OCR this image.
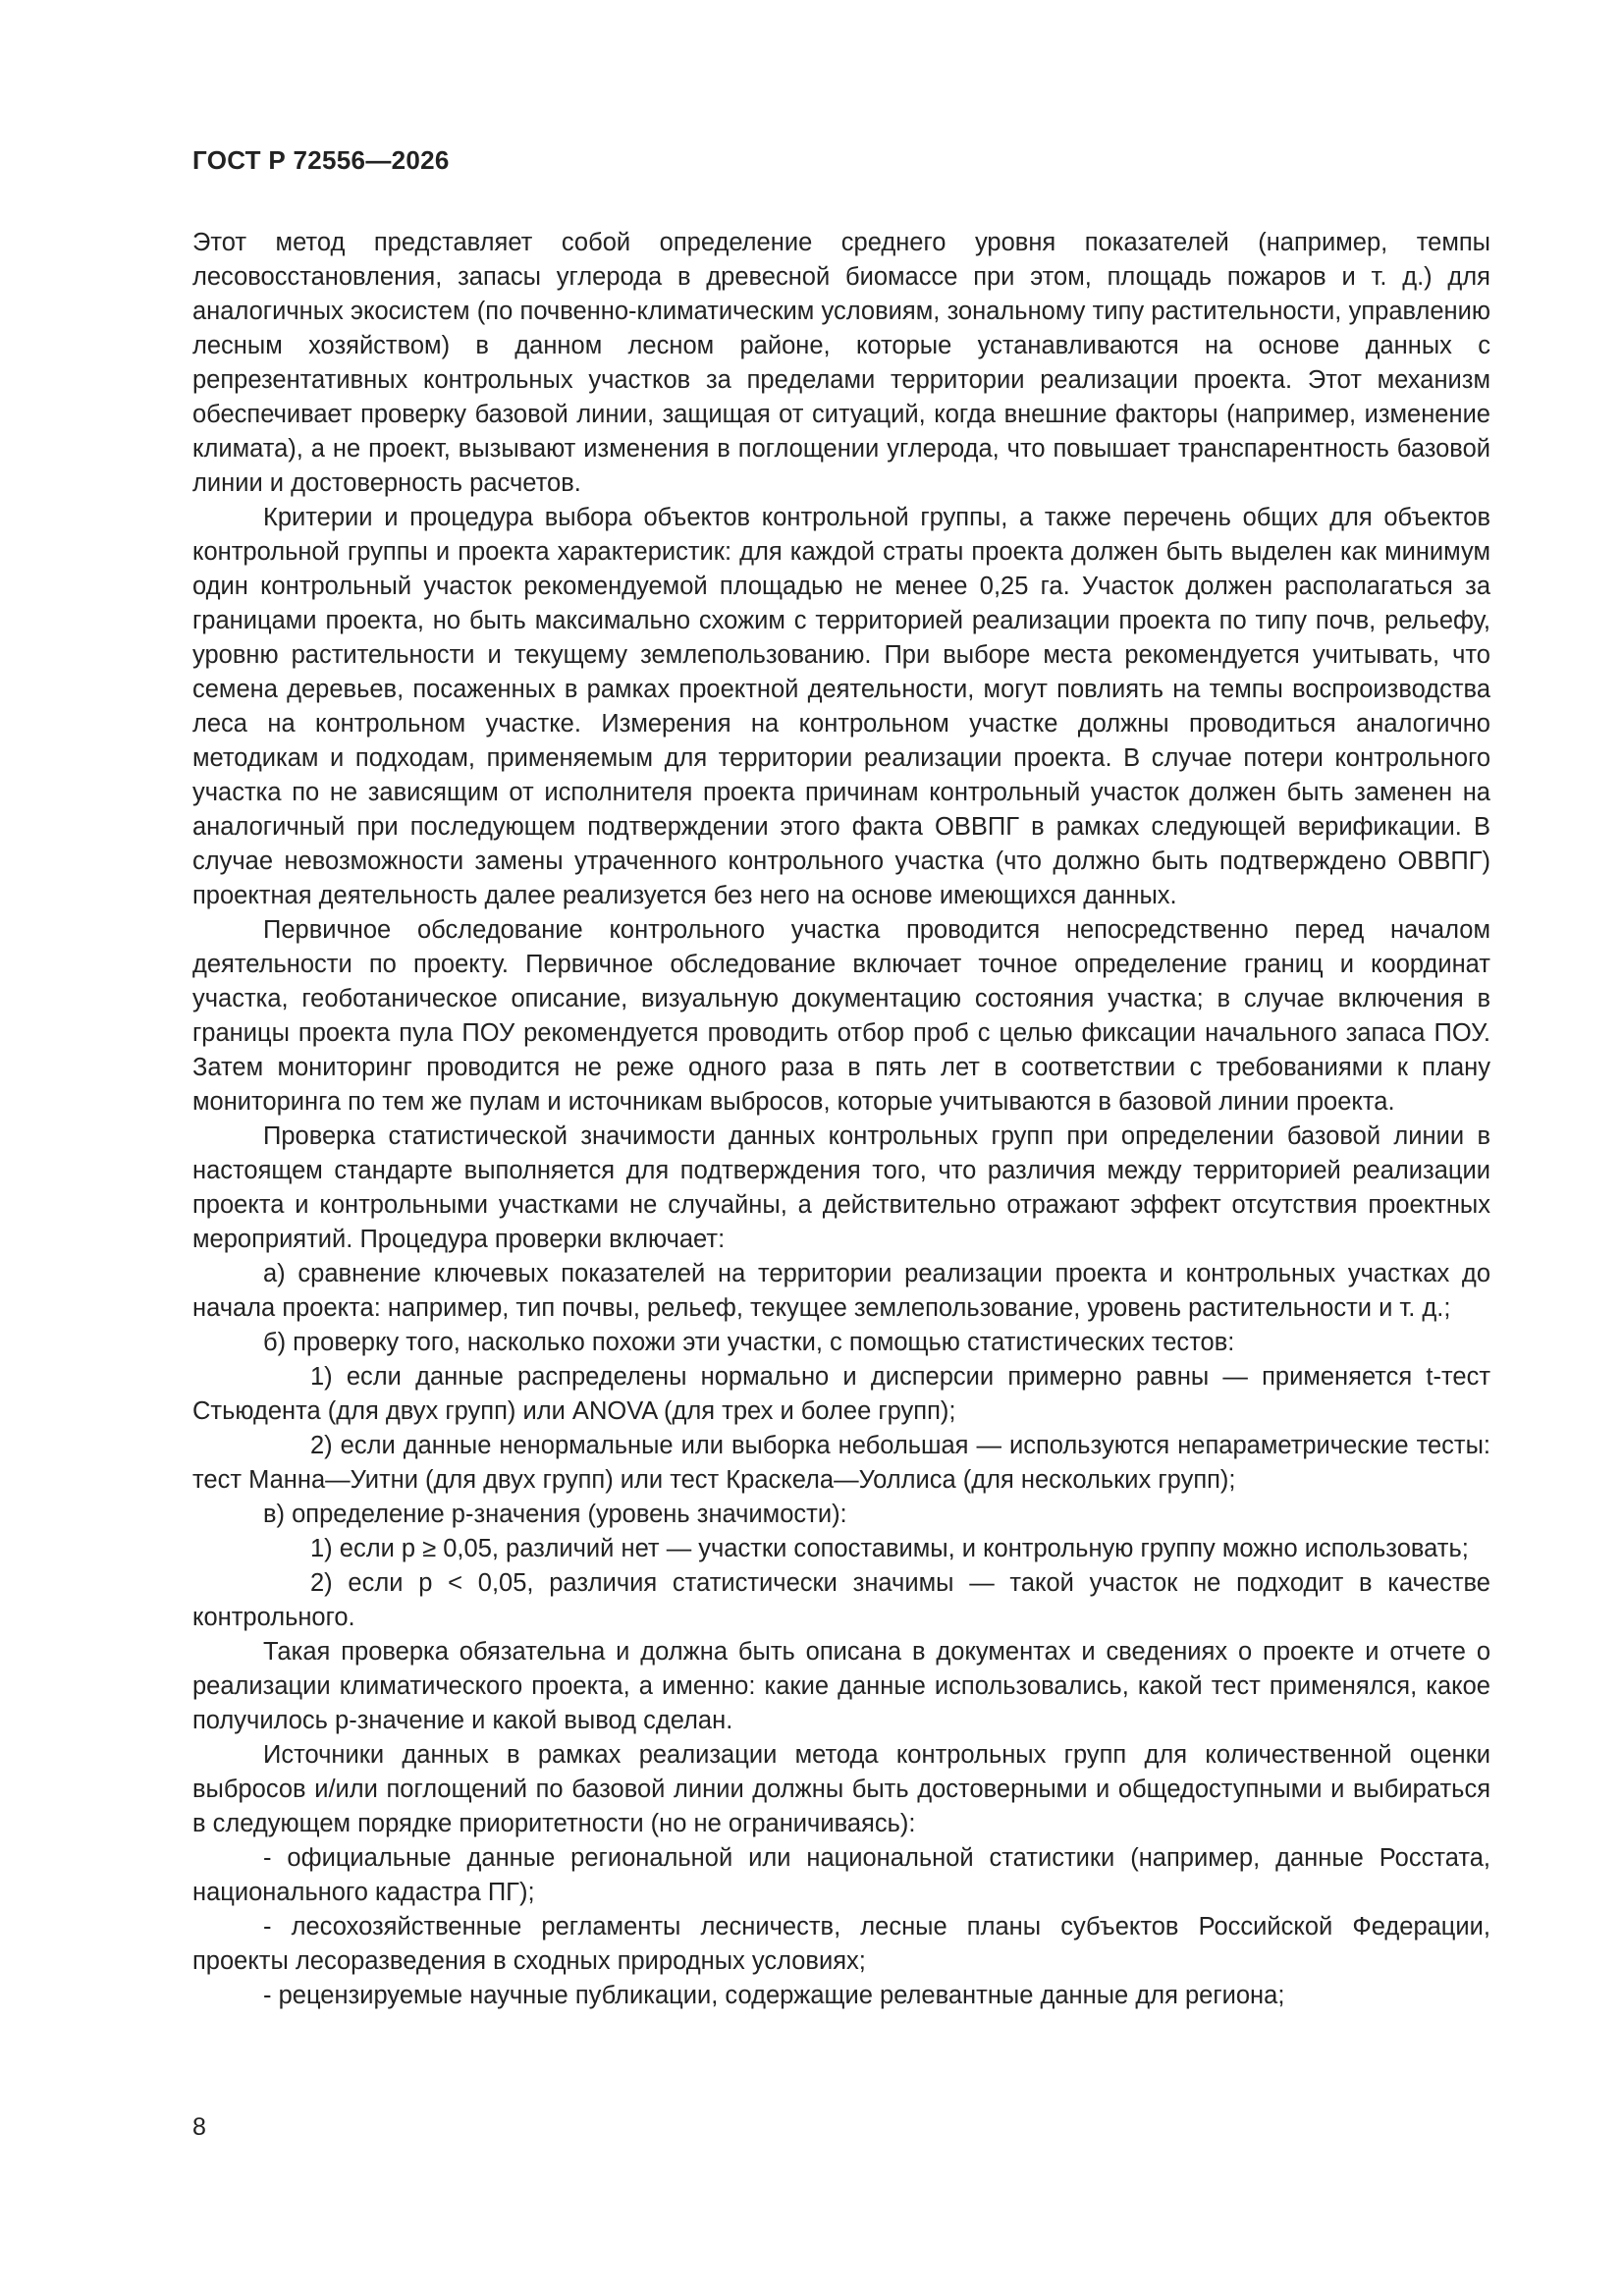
ГОСТ Р 72556—2026

Этот метод представляет собой определение среднего уровня показателей (например, темпы лесовосстановления, запасы углерода в древесной биомассе при этом, площадь пожаров и т. д.) для аналогичных экосистем (по почвенно-климатическим условиям, зональному типу растительности, управлению лесным хозяйством) в данном лесном районе, которые устанавливаются на основе данных с репрезентативных контрольных участков за пределами территории реализации проекта. Этот механизм обеспечивает проверку базовой линии, защищая от ситуаций, когда внешние факторы (например, изменение климата), а не проект, вызывают изменения в поглощении углерода, что повышает транспарентность базовой линии и достоверность расчетов.

Критерии и процедура выбора объектов контрольной группы, а также перечень общих для объектов контрольной группы и проекта характеристик: для каждой страты проекта должен быть выделен как минимум один контрольный участок рекомендуемой площадью не менее 0,25 га. Участок должен располагаться за границами проекта, но быть максимально схожим с территорией реализации проекта по типу почв, рельефу, уровню растительности и текущему землепользованию. При выборе места рекомендуется учитывать, что семена деревьев, посаженных в рамках проектной деятельности, могут повлиять на темпы воспроизводства леса на контрольном участке. Измерения на контрольном участке должны проводиться аналогично методикам и подходам, применяемым для территории реализации проекта. В случае потери контрольного участка по не зависящим от исполнителя проекта причинам контрольный участок должен быть заменен на аналогичный при последующем подтверждении этого факта ОВВПГ в рамках следующей верификации. В случае невозможности замены утраченного контрольного участка (что должно быть подтверждено ОВВПГ) проектная деятельность далее реализуется без него на основе имеющихся данных.

Первичное обследование контрольного участка проводится непосредственно перед началом деятельности по проекту. Первичное обследование включает точное определение границ и координат участка, геоботаническое описание, визуальную документацию состояния участка; в случае включения в границы проекта пула ПОУ рекомендуется проводить отбор проб с целью фиксации начального запаса ПОУ. Затем мониторинг проводится не реже одного раза в пять лет в соответствии с требованиями к плану мониторинга по тем же пулам и источникам выбросов, которые учитываются в базовой линии проекта.

Проверка статистической значимости данных контрольных групп при определении базовой линии в настоящем стандарте выполняется для подтверждения того, что различия между территорией реализации проекта и контрольными участками не случайны, а действительно отражают эффект отсутствия проектных мероприятий. Процедура проверки включает:

а) сравнение ключевых показателей на территории реализации проекта и контрольных участках до начала проекта: например, тип почвы, рельеф, текущее землепользование, уровень растительности и т. д.;

б) проверку того, насколько похожи эти участки, с помощью статистических тестов:

1) если данные распределены нормально и дисперсии примерно равны — применяется t-тест Стьюдента (для двух групп) или ANOVA (для трех и более групп);

2) если данные ненормальные или выборка небольшая — используются непараметрические тесты: тест Манна—Уитни (для двух групп) или тест Краскела—Уоллиса (для нескольких групп);

в) определение p-значения (уровень значимости):

1) если p ≥ 0,05, различий нет — участки сопоставимы, и контрольную группу можно использовать;

2) если p < 0,05, различия статистически значимы — такой участок не подходит в качестве контрольного.

Такая проверка обязательна и должна быть описана в документах и сведениях о проекте и отчете о реализации климатического проекта, а именно: какие данные использовались, какой тест применялся, какое получилось p-значение и какой вывод сделан.

Источники данных в рамках реализации метода контрольных групп для количественной оценки выбросов и/или поглощений по базовой линии должны быть достоверными и общедоступными и выбираться в следующем порядке приоритетности (но не ограничиваясь):

- официальные данные региональной или национальной статистики (например, данные Росстата, национального кадастра ПГ);

- лесохозяйственные регламенты лесничеств, лесные планы субъектов Российской Федерации, проекты лесоразведения в сходных природных условиях;

- рецензируемые научные публикации, содержащие релевантные данные для региона;

8
